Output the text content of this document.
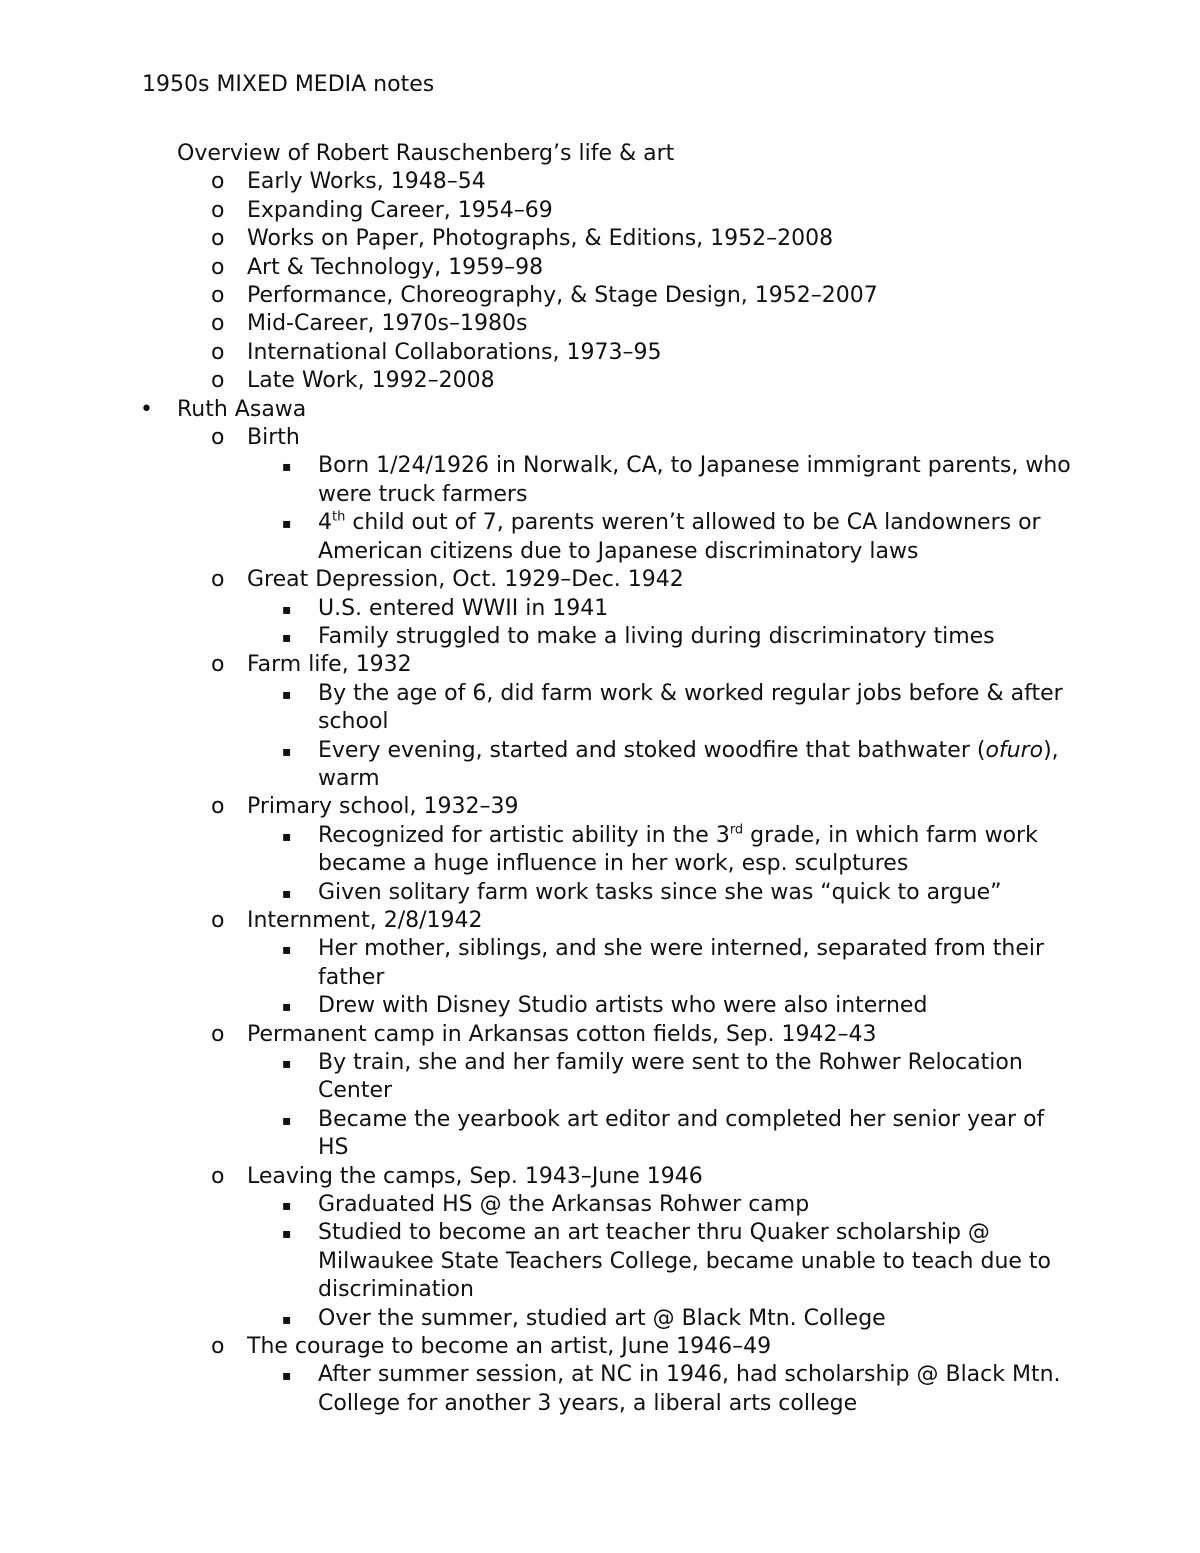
1950s MIXED MEDIA notes
Overview of Robert Rauschenberg’s life & art
o Early Works, 1948–54
o Expanding Career, 1954–69
o Works on Paper, Photographs, & Editions, 1952–2008
o Art & Technology, 1959–98
o Performance, Choreography, & Stage Design, 1952–2007
o Mid-Career, 1970s–1980s
o International Collaborations, 1973–95
o Late Work, 1992–2008
• Ruth Asawa
o Birth
▪ Born 1/24/1926 in Norwalk, CA, to Japanese immigrant parents, who were truck farmers
▪ 4th child out of 7, parents weren’t allowed to be CA landowners or American citizens due to Japanese discriminatory laws
o Great Depression, Oct. 1929–Dec. 1942
▪ U.S. entered WWII in 1941
▪ Family struggled to make a living during discriminatory times
o Farm life, 1932
▪ By the age of 6, did farm work & worked regular jobs before & after school
▪ Every evening, started and stoked woodfire that bathwater (ofuro), warm
o Primary school, 1932–39
▪ Recognized for artistic ability in the 3rd grade, in which farm work became a huge influence in her work, esp. sculptures
▪ Given solitary farm work tasks since she was “quick to argue”
o Internment, 2/8/1942
▪ Her mother, siblings, and she were interned, separated from their father
▪ Drew with Disney Studio artists who were also interned
o Permanent camp in Arkansas cotton fields, Sep. 1942–43
▪ By train, she and her family were sent to the Rohwer Relocation Center
▪ Became the yearbook art editor and completed her senior year of HS
o Leaving the camps, Sep. 1943–June 1946
▪ Graduated HS @ the Arkansas Rohwer camp
▪ Studied to become an art teacher thru Quaker scholarship @ Milwaukee State Teachers College, became unable to teach due to discrimination
▪ Over the summer, studied art @ Black Mtn. College
o The courage to become an artist, June 1946–49
▪ After summer session, at NC in 1946, had scholarship @ Black Mtn. College for another 3 years, a liberal arts college
